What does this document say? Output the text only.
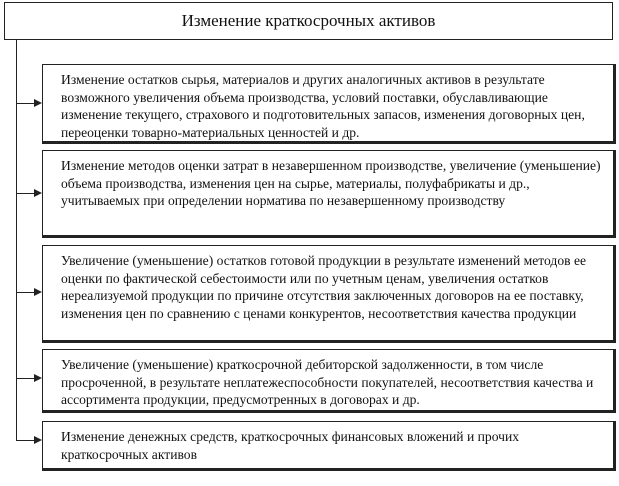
Изменение краткосрочных активов
Изменение остатков сырья, материалов и других аналогичных активов в результате возможного увеличения объема производства, условий поставки, обуславливающие изменение текущего, страхового и подготовительных запасов, изменения договорных цен, переоценки товарно-материальных ценностей и др.
Изменение методов оценки затрат в незавершенном производстве, увеличение (уменьшение) объема производства, изменения цен на сырье, материалы, полуфабрикаты и др., учитываемых при определении норматива по незавершенному производству
Увеличение (уменьшение) остатков готовой продукции в результате изменений методов ее оценки по фактической себестоимости или по учетным ценам, увеличения остатков нереализуемой продукции по причине отсутствия заключенных договоров на ее поставку, изменения цен по сравнению с ценами конкурентов, несоответствия качества продукции
Увеличение (уменьшение) краткосрочной дебиторской задолженности, в том числе просроченной, в результате неплатежеспособности покупателей, несоответствия качества и ассортимента продукции, предусмотренных в договорах и др.
Изменение денежных средств, краткосрочных финансовых вложений и прочих краткосрочных активов
